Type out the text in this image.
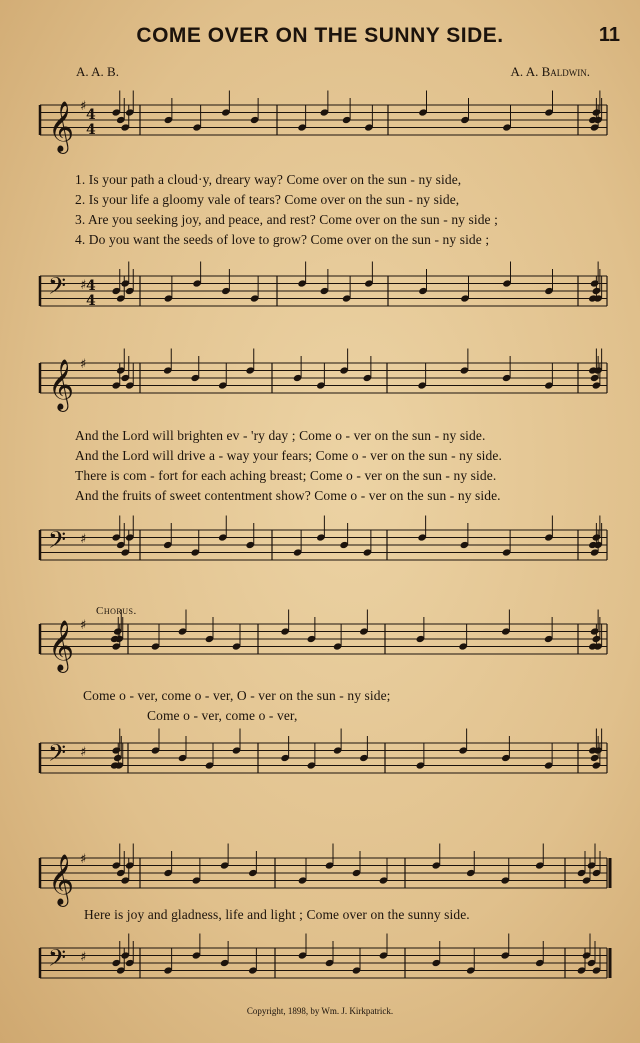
COME OVER ON THE SUNNY SIDE.	11
A. A. B.	A. A. Baldwin.
𝄞 ♯
4
4
𝄢 ♯ 4
4
𝄞 ♯
𝄢 ♯
𝄞 ♯
𝄢 ♯
𝄞 ♯
𝄢 ♯
1. Is your path a cloud·y, dreary way? Come over on the sun - ny side,
2. Is your life a gloomy vale of tears? Come over on the sun - ny side,
3. Are you seeking joy, and peace, and rest? Come over on the sun - ny side ;
4. Do you want the seeds of love to grow? Come over on the sun - ny side ;
And the Lord will brighten ev - 'ry day ; Come o - ver on the sun - ny side.
And the Lord will drive a - way your fears; Come o - ver on the sun - ny side.
There is com - fort for each aching breast; Come o - ver on the sun - ny side.
And the fruits of sweet contentment show? Come o - ver on the sun - ny side.
Chorus.
Come o - ver, come o - ver, O - ver on the sun - ny side;
Come o - ver, come o - ver,
Here is joy and gladness, life and light ; Come over on the sunny side.
Copyright, 1898, by Wm. J. Kirkpatrick.
